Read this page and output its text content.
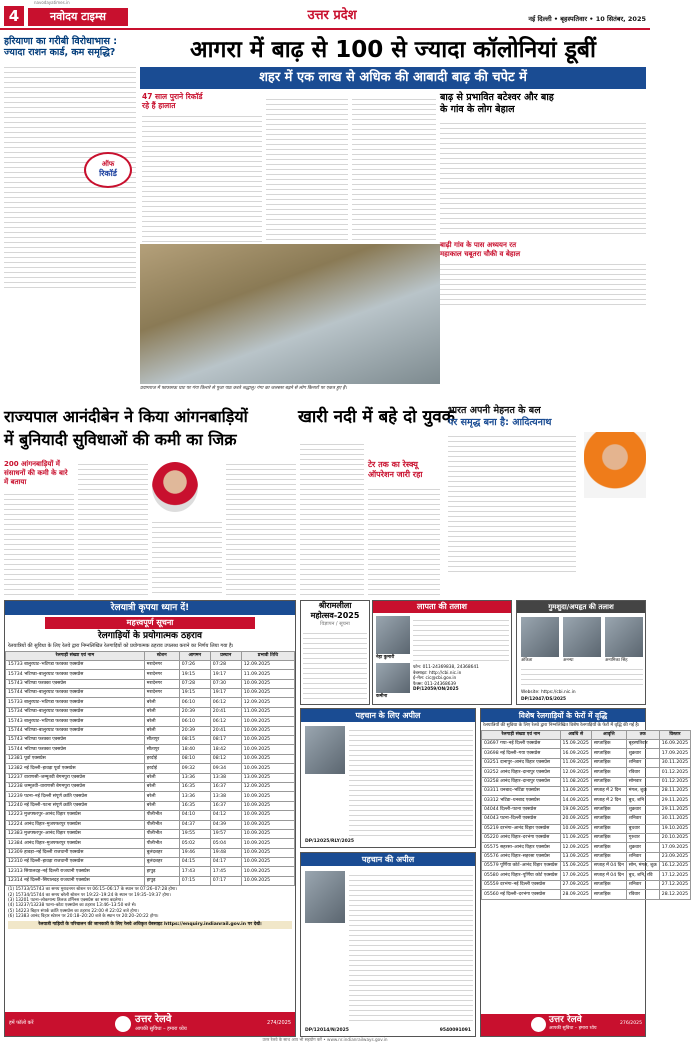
navodayatimes.in
4	नवोदय टाइम्स	उत्तर प्रदेश	नई दिल्ली • बृहस्पतिवार • 10 सितंबर, 2025
हरियाणा का गरीबी विरोधाभास :
ज्यादा राशन कार्ड, कम समृद्धि?
ऑफ
रिकॉर्ड
आगरा में बाढ़ से 100 से ज्यादा कॉलोनियां डूबीं
शहर में एक लाख से अधिक की आबादी बाढ़ की चपेट में
47 साल पुराने रिकॉर्ड
रहे हैं हालात
प्रयागराज में फाफामऊ घाट पर गंगा किनारे से पूजा पाठ करते श्रद्धालु। गंगा का जलस्तर बढ़ने से लोग किनारों पर एकत्र हुए हैं।
बाढ़ से प्रभावित बटेश्वर और बाह
के गांव के लोग बेहाल
बाढ़ी गांव के पास अध्ययन रत
महाकाल चबूतरा चौकी व बेहाल
राज्यपाल आनंदीबेन ने किया आंगनबाड़ियों
में बुनियादी सुविधाओं की कमी का जिक्र
200 आंगनबाड़ियों में संसाधनों की कमी के बारे में बताया
खारी नदी में बहे दो युवक
टेर तक का रेस्क्यू
ऑपरेशन जारी रहा
भारत अपनी मेहनत के बल
पर समृद्ध बना है: आदित्यनाथ
रेलयात्री कृपया ध्यान दें!
महत्त्वपूर्ण सूचना
रेलगाड़ियों के प्रयोगात्मक ठहराव
रेलयात्रियों की सुविधा के लिए रेलवे द्वारा निम्नलिखित रेलगाड़ियों को प्रयोगात्मक ठहराव उपलब्ध कराने का निर्णय लिया गया है।
रेलगाड़ी संख्या एवं नाम	स्टेशन	आगमन	प्रस्थान	प्रभावी तिथि
15733 बालुरघाट–भटिण्डा फरक्का एक्सप्रेस	मरादेनगर	07:26	07:28	12.09.2025
15734 भटिण्डा–बालुरघाट फरक्का एक्सप्रेस	मरादेनगर	19:15	19:17	11.09.2025
15743 भटिण्डा फरक्का एक्सप्रेस	मरादेनगर	07:28	07:30	10.09.2025
15744 भटिण्डा–बालुरघाट फरक्का एक्सप्रेस	मरादेनगर	19:15	19:17	10.09.2025
15733 बालुरघाट–भटिण्डा फरक्का एक्सप्रेस	बरेली	06:10	06:12	12.09.2025
15734 भटिण्डा–बालुरघाट फरक्का एक्सप्रेस	बरेली	20:39	20:41	11.09.2025
15743 बालुरघाट–भटिण्डा फरक्का एक्सप्रेस	बरेली	06:10	06:12	10.09.2025
15744 भटिण्डा–बालुरघाट फरक्का एक्सप्रेस	बरेली	20:39	20:41	10.09.2025
15743 भटिण्डा फरक्का एक्सप्रेस	सीतापुर	08:15	08:17	10.09.2025
15744 भटिण्डा फरक्का एक्सप्रेस	सीतापुर	18:40	18:42	10.09.2025
12381 पूर्वा एक्सप्रेस	हरदोई	08:10	08:12	10.09.2025
12382 नई दिल्ली–हावड़ा पूर्वा एक्सप्रेस	हरदोई	09:32	09:34	10.09.2025
12237 वाराणसी–जम्मूतवी बेगमपुरा एक्सप्रेस	बरेली	13:36	13:38	13.09.2025
12238 जम्मूतवी–वाराणसी बेगमपुरा एक्सप्रेस	बरेली	16:35	16:37	12.09.2025
12239 पटना–नई दिल्ली संपूर्ण क्रांति एक्सप्रेस	बरेली	13:36	13:38	10.09.2025
12240 नई दिल्ली–पटना संपूर्ण क्रांति एक्सप्रेस	बरेली	16:35	16:37	10.09.2025
12223 मुजफ्फरपुर–आनंद विहार एक्सप्रेस	पीलीभीत	04:10	04:12	10.09.2025
12224 आनंद विहार–मुजफ्फरपुर एक्सप्रेस	पीलीभीत	04:37	04:39	10.09.2025
12383 मुजफ्फरपुर–आनंद विहार एक्सप्रेस	पीलीभीत	19:55	19:57	10.09.2025
12384 आनंद विहार–मुजफ्फरपुर एक्सप्रेस	पीलीभीत	05:02	05:04	10.09.2025
12309 हावड़ा–नई दिल्ली राजधानी एक्सप्रेस	बुलंदशहर	19:46	19:48	10.09.2025
12310 नई दिल्ली–हावड़ा राजधानी एक्सप्रेस	बुलंदशहर	04:15	04:17	10.09.2025
12313 सियालदह–नई दिल्ली राजधानी एक्सप्रेस	हापुड़	17:43	17:45	10.09.2025
12314 नई दिल्ली–सियालदह राजधानी एक्सप्रेस	हापुड़	07:15	07:17	10.09.2025
(1) 15733/15743 का समय मुरादनगर स्टेशन पर 06:15–06:17 के स्थान पर 07:26–07:28 होगा।
(2) 15734/15744 का समय बरेली स्टेशन पर 19:22–19:24 के स्थान पर 19:35–19:37 होगा।
(3) 13201 पटना–लोकमान्य तिलक टर्मिनस एक्सप्रेस का समय बदलेगा।
(4) 13237/13238 पटना–कोटा एक्सप्रेस का ठहराव 13:46–13:50 बजे से।
(5) 14223 बिहार संपर्क क्रांति एक्सप्रेस का ठहराव 22:00 से 22:02 बजे होगा।
(6) 12383 आनंद विहार स्टेशन पर 20:18–20:20 बजे के स्थान पर 20:20–20:22 होगा।
रेलयात्री गाड़ियों के परिचालन की जानकारी के लिए रेलवे अधिकृत वेबसाइट https://enquiry.indianrail.gov.in पर देखें।
हमें फॉलो करें	उत्तर रेलवे
आपकी सुविधा – हमारा ध्येय
274/2025
श्रीरामलीला महोत्सव-2025
विज्ञापन / सूचना
लापता की तलाश
नेहा कुमारी
कमीना
फोन: 011-24369838, 24368641
वेबसाइट: http://cbi.nic.in
ई–मेल: cic@cbi.gov.in
फैक्स: 011-24368639
DP/12059/ON/2025
गुमशुदा/अपहृत की तलाश
अंकिता	अनन्या	अनामिका सिंह
Website: https://cbi.nic.in
DP/12047/DS/2025
पहचान के लिए अपील
DP/12025/RLY/2025
पहचान की अपील
DP/12014/N/2025	9540091091
विशेष रेलगाड़ियों के फेरों में वृद्धि
रेलयात्रियों की सुविधा के लिए रेलवे द्वारा निम्नलिखित विशेष रेलगाड़ियों के फेरों में वृद्धि की गई है।
रेलगाड़ी संख्या एवं नाम	अवधि से	आवृत्ति	तक	विस्तार
03697 गया–नई दिल्ली एक्सप्रेस	15.09.2025	साप्ताहिक	बृहस्पतिवार	16.09.2025
03698 नई दिल्ली–गया एक्सप्रेस	16.09.2025	साप्ताहिक	शुक्रवार	17.09.2025
03251 दानापुर–आनंद विहार एक्सप्रेस	11.09.2025	साप्ताहिक	शनिवार	30.11.2025
03252 आनंद विहार–दानापुर एक्सप्रेस	12.09.2025	साप्ताहिक	रविवार	01.12.2025
03258 आनंद विहार–दानापुर एक्सप्रेस	11.08.2025	साप्ताहिक	सोमवार	01.12.2025
03311 धनबाद–भटिंडा एक्सप्रेस	13.09.2025	सप्ताह में 2 दिन	मंगल, शुक्र	28.11.2025
03312 भटिंडा–धनबाद एक्सप्रेस	14.09.2025	सप्ताह में 2 दिन	बुध, शनि	29.11.2025
04044 दिल्ली–पटना एक्सप्रेस	19.09.2025	साप्ताहिक	शुक्रवार	29.11.2025
04043 पटना–दिल्ली एक्सप्रेस	20.09.2025	साप्ताहिक	शनिवार	30.11.2025
05219 दरभंगा–आनंद विहार एक्सप्रेस	10.09.2025	साप्ताहिक	बुधवार	19.10.2025
05220 आनंद विहार–दरभंगा एक्सप्रेस	11.09.2025	साप्ताहिक	गुरुवार	20.10.2025
05575 सहरसा–आनंद विहार एक्सप्रेस	12.09.2025	साप्ताहिक	शुक्रवार	17.09.2025
05576 आनंद विहार–सहरसा एक्सप्रेस	13.09.2025	साप्ताहिक	शनिवार	23.09.2025
05579 पूर्णिया कोर्ट–आनंद विहार एक्सप्रेस	15.09.2025	सप्ताह में 04 दिन	सोम, मंगल, शुक्र	16.12.2025
05580 आनंद विहार–पूर्णिया कोर्ट एक्सप्रेस	17.09.2025	सप्ताह में 04 दिन	बुध, शनि, रवि	17.12.2025
05559 दरभंगा–नई दिल्ली एक्सप्रेस	27.09.2025	साप्ताहिक	शनिवार	27.12.2025
05560 नई दिल्ली–दरभंगा एक्सप्रेस	28.09.2025	साप्ताहिक	रविवार	28.12.2025
उत्तर रेलवे
आपकी सुविधा – हमारा ध्येय
276/2025
उत्तर रेलवे के साथ आप भी सहयोग करें • www.nr.indianrailways.gov.in
